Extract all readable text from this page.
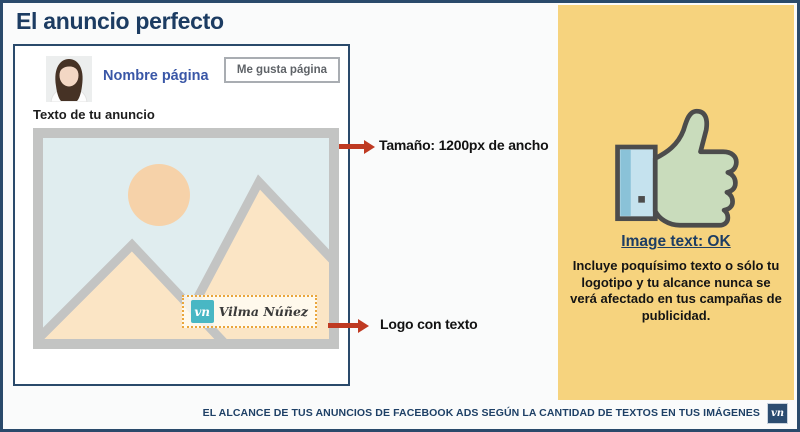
El anuncio perfecto
Nombre página	Me gusta página
Texto de tu anuncio
vn Vilma Núñez
Tamaño: 1200px de ancho
Logo con texto
Image text: OK
Incluye poquísimo texto o sólo tu logotipo y tu alcance nunca se verá afectado en tus campañas de publicidad.
EL ALCANCE DE TUS ANUNCIOS DE FACEBOOK ADS SEGÚN LA CANTIDAD DE TEXTOS EN TUS IMÁGENES	vn
